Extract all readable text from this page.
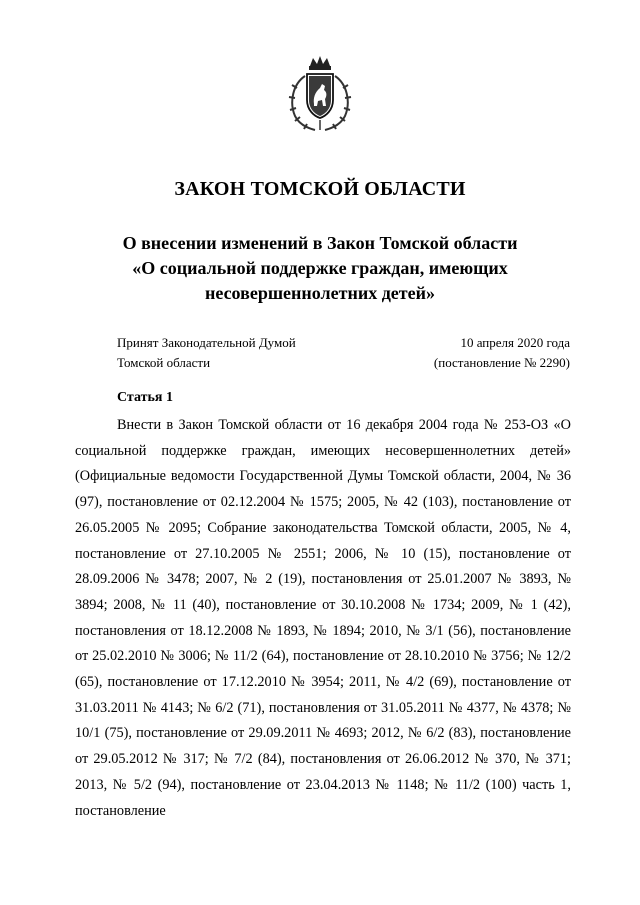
ЗАКОН ТОМСКОЙ ОБЛАСТИ
О внесении изменений в Закон Томской области
«О социальной поддержке граждан, имеющих
несовершеннолетних детей»
Принят Законодательной Думой
Томской области
10 апреля 2020 года
(постановление № 2290)
Статья 1

Внести в Закон Томской области от 16 декабря 2004 года № 253-ОЗ «О социальной поддержке граждан, имеющих несовершеннолетних детей» (Официальные ведомости Государственной Думы Томской области, 2004, № 36 (97), постановление от 02.12.2004 № 1575; 2005, № 42 (103), постановление от 26.05.2005 № 2095; Собрание законодательства Томской области, 2005, № 4, постановление от 27.10.2005 № 2551; 2006, № 10 (15), постановление от 28.09.2006 № 3478; 2007, № 2 (19), постановления от 25.01.2007 № 3893, № 3894; 2008, № 11 (40), постановление от 30.10.2008 № 1734; 2009, № 1 (42), постановления от 18.12.2008 № 1893, № 1894; 2010, № 3/1 (56), постановление от 25.02.2010 № 3006; № 11/2 (64), постановление от 28.10.2010 № 3756; № 12/2 (65), постановление от 17.12.2010 № 3954; 2011, № 4/2 (69), постановление от 31.03.2011 № 4143; № 6/2 (71), постановления от 31.05.2011 № 4377, № 4378; № 10/1 (75), постановление от 29.09.2011 № 4693; 2012, № 6/2 (83), постановление от 29.05.2012 № 317; № 7/2 (84), постановления от 26.06.2012 № 370, № 371; 2013, № 5/2 (94), постановление от 23.04.2013 № 1148; № 11/2 (100) часть 1, постановление
